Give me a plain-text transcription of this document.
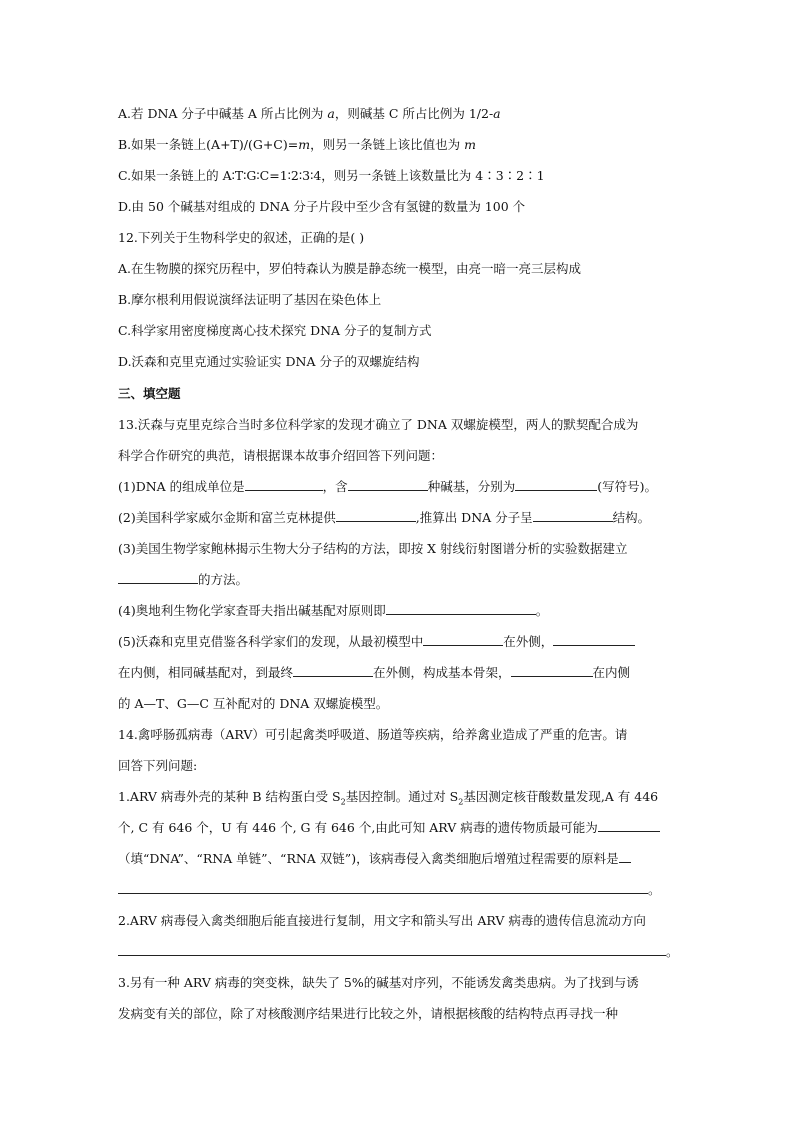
A.若 DNA 分子中碱基 A 所占比例为 a，则碱基 C 所占比例为 1/2-a
B.如果一条链上(A+T)/(G+C)=m，则另一条链上该比值也为 m
C.如果一条链上的 A∶T∶G∶C=1∶2∶3∶4，则另一条链上该数量比为 4∶3∶2∶1
D.由 50 个碱基对组成的 DNA 分子片段中至少含有氢键的数量为 100 个
12.下列关于生物科学史的叙述，正确的是( )
A.在生物膜的探究历程中，罗伯特森认为膜是静态统一模型，由亮一暗一亮三层构成
B.摩尔根利用假说演绎法证明了基因在染色体上
C.科学家用密度梯度离心技术探究 DNA 分子的复制方式
D.沃森和克里克通过实验证实 DNA 分子的双螺旋结构
三、填空题
13.沃森与克里克综合当时多位科学家的发现才确立了 DNA 双螺旋模型，两人的默契配合成为
科学合作研究的典范，请根据课本故事介绍回答下列问题：
(1)DNA 的组成单位是	，含	种碱基，分别为	(写符号)。
(2)美国科学家威尔金斯和富兰克林提供	,推算出 DNA 分子呈	结构。
(3)美国生物学家鲍林揭示生物大分子结构的方法，即按 X 射线衍射图谱分析的实验数据建立
的方法。
(4)奥地利生物化学家查哥夫指出碱基配对原则即	。
(5)沃森和克里克借鉴各科学家们的发现，从最初模型中	在外侧，
在内侧，相同碱基配对，到最终	在外侧，构成基本骨架，	在内侧
的 A—T、G—C 互补配对的 DNA 双螺旋模型。
14.禽呼肠孤病毒（ARV）可引起禽类呼吸道、肠道等疾病，给养禽业造成了严重的危害。请
回答下列问题:
1.ARV 病毒外壳的某种 B 结构蛋白受 $S_2$基因控制。通过对 $S_2$基因测定核苷酸数量发现,A 有 446
个, C 有 646 个，U 有 446 个, G 有 646 个,由此可知 ARV 病毒的遗传物质最可能为
（填“DNA”、“RNA 单链”、“RNA 双链”)，该病毒侵入禽类细胞后增殖过程需要的原料是
。
2.ARV 病毒侵入禽类细胞后能直接进行复制，用文字和箭头写出 ARV 病毒的遗传信息流动方向
。
3.另有一种 ARV 病毒的突变株，缺失了 5%的碱基对序列，不能诱发禽类患病。为了找到与诱
发病变有关的部位，除了对核酸测序结果进行比较之外，请根据核酸的结构特点再寻找一种
